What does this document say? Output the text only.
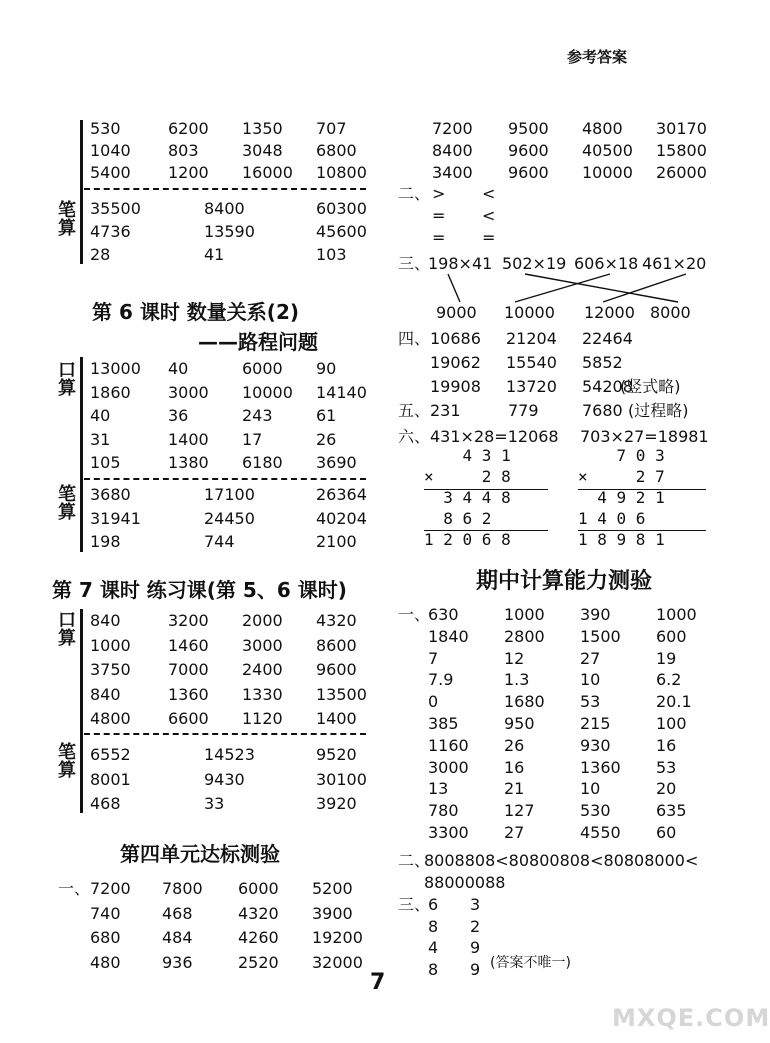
参考答案
笔算
530	6200 1350 707
1040 803	3048 6800
5400 1200 16000 10800
35500	8400	60300
4736	13590	45600
28	41	103
第 6 课时 数量关系(2)
——路程问题
口算
笔算
13000 40	6000 90
1860 3000 10000 14140
40	36	243	61
31	1400 17	26
105	1380 6180 3690
3680	17100	26364
31941	24450	40204
198	744	2100
第 7 课时 练习课(第 5、6 课时)
口算
笔算
840	3200 2000 4320
1000 1460 3000 8600
3750 7000 2400 9600
840	1360 1330 13500
4800 6600 1120 1400
6552	14523	9520
8001	9430	30100
468	33	3920
第四单元达标测验
一、 7200 7800 6000 5200
740	468	4320 3900
680	484	4260 19200
480	936	2520 32000
7200 9500 4800 30170
8400 9600 40500 15800
3400 9600 10000 26000
二、 > <
= <
= =
三、
198×41 502×19 606×18 461×20
9000 10000 12000 8000
四、 10686 21204 22464
19062 15540 5852
19908 13720 54208
(竖式略)
五、 231	779	7680 (过程略)
六、 431×28=12068 703×27=18981
4 3 1
×     2 8
3 4 4 8
8 6 2
1 2 0 6 8
7 0 3
×     2 7
4 9 2 1
1 4 0 6
1 8 9 8 1
期中计算能力测验
一、
630	1000 390	1000
1840 2800 1500 600
7	12	27	19
7.9	1.3	10	6.2
0	1680 53	20.1
385	950	215	100
1160 26	930	16
3000 16	1360 53
13	21	10	20
780	127	530	635
3300 27	4550 60
二、
8008808<80800808<80808000<
88000088
三、
6 3
8 2
4 9
8 9 (答案不唯一)
7
MXQE.COM
